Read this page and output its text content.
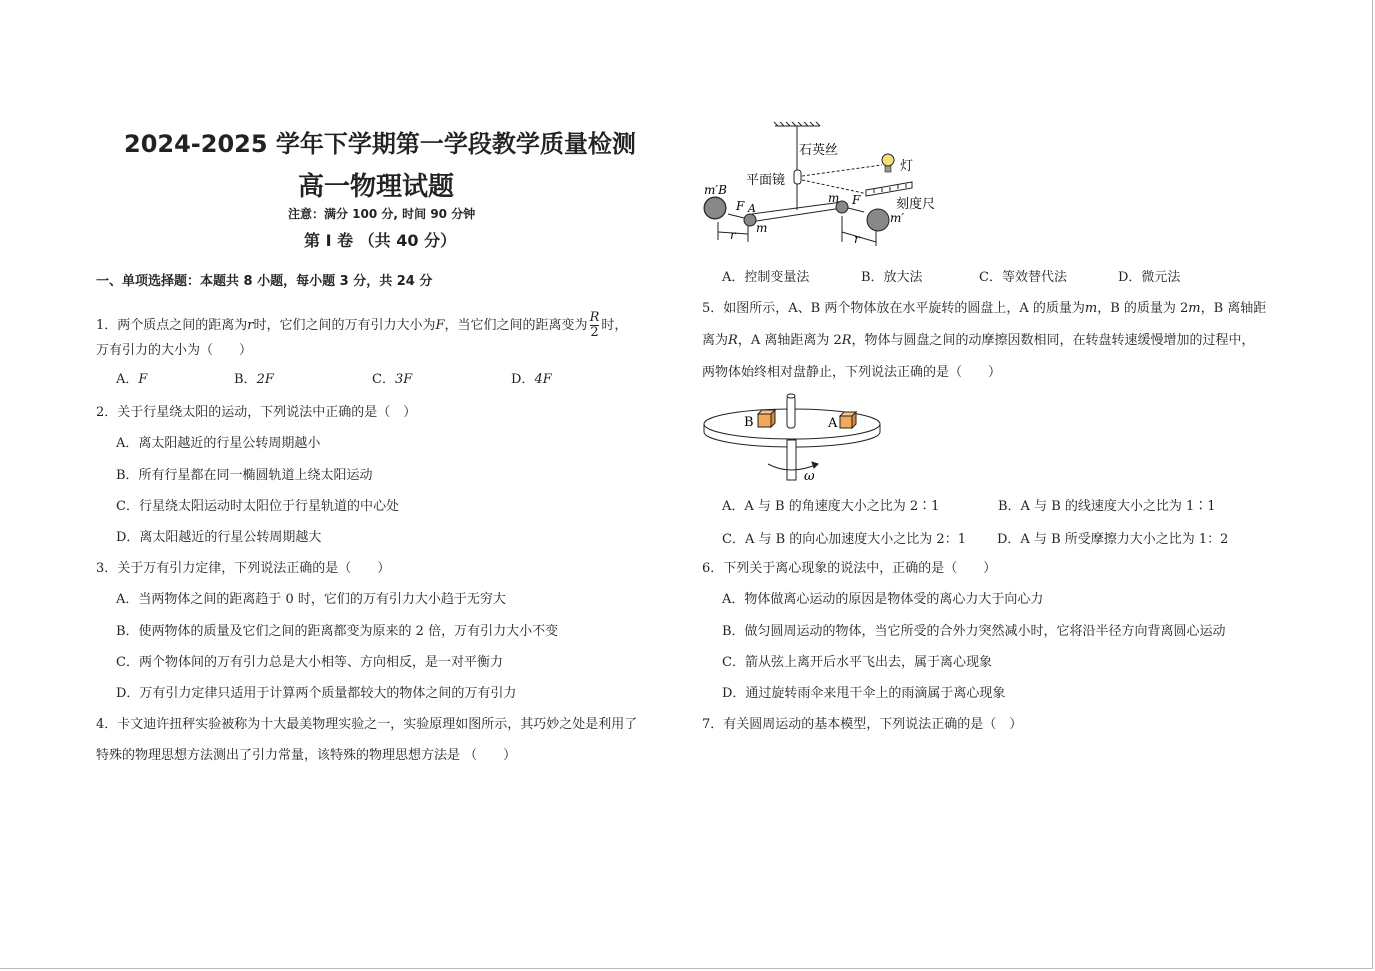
2024-2025 学年下学期第一学段教学质量检测
高一物理试题
注意：满分 100 分, 时间 90 分钟
第 I 卷 （共 40 分）
一、单项选择题：本题共 8 小题，每小题 3 分，共 24 分
1．两个质点之间的距离为r时，它们之间的万有引力大小为F，当它们之间的距离变为 $\frac{R}{2}$ 时，
万有引力的大小为（　　）
A．F	B．2F	C．3F	D．4F
2．关于行星绕太阳的运动，下列说法中正确的是（　）
A．离太阳越近的行星公转周期越小
B．所有行星都在同一椭圆轨道上绕太阳运动
C．行星绕太阳运动时太阳位于行星轨道的中心处
D．离太阳越近的行星公转周期越大
3．关于万有引力定律，下列说法正确的是（　　）
A．当两物体之间的距离趋于 0 时，它们的万有引力大小趋于无穷大
B．使两物体的质量及它们之间的距离都变为原来的 2 倍，万有引力大小不变
C．两个物体间的万有引力总是大小相等、方向相反，是一对平衡力
D．万有引力定律只适用于计算两个质量都较大的物体之间的万有引力
4．卡文迪许扭秤实验被称为十大最美物理实验之一，实验原理如图所示，其巧妙之处是利用了
特殊的物理思想方法测出了引力常量，该特殊的物理思想方法是 （　　）
石英丝
灯
平面镜
刻度尺
m′B
F A
m
m F
m′
r	r
A．控制变量法	B．放大法	C．等效替代法	D．微元法
5．如图所示，A、B 两个物体放在水平旋转的圆盘上，A 的质量为m，B 的质量为 2m，B 离轴距
离为R，A 离轴距离为 2R，物体与圆盘之间的动摩擦因数相同，在转盘转速缓慢增加的过程中，
两物体始终相对盘静止，下列说法正确的是（　　）
B	A
ω
A．A 与 B 的角速度大小之比为 2∶1	B．A 与 B 的线速度大小之比为 1∶1
C．A 与 B 的向心加速度大小之比为 2：1 D．A 与 B 所受摩擦力大小之比为 1：2
6．下列关于离心现象的说法中，正确的是（　　）
A．物体做离心运动的原因是物体受的离心力大于向心力
B．做匀圆周运动的物体，当它所受的合外力突然减小时，它将沿半径方向背离圆心运动
C．箭从弦上离开后水平飞出去，属于离心现象
D．通过旋转雨伞来甩干伞上的雨滴属于离心现象
7．有关圆周运动的基本模型，下列说法正确的是（　）
